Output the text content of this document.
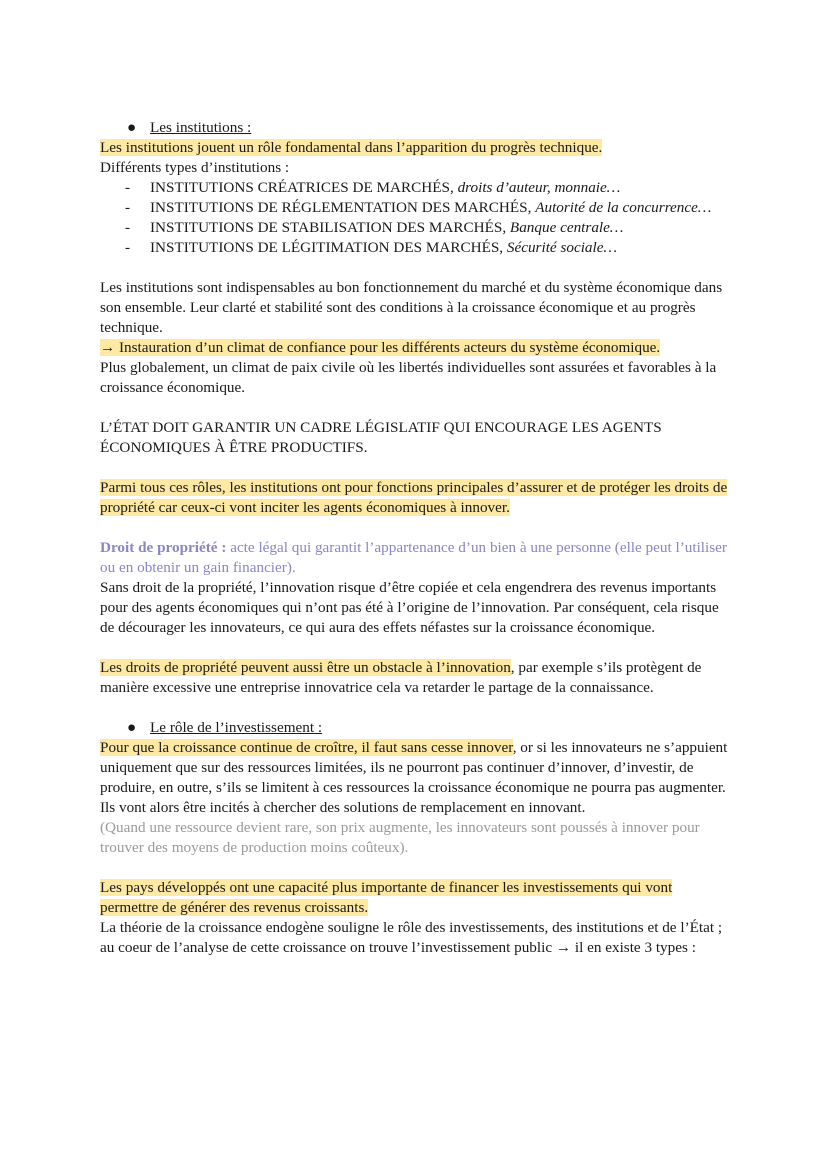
● Les institutions :

Les institutions jouent un rôle fondamental dans l’apparition du progrès technique.

Différents types d’institutions :

- INSTITUTIONS CRÉATRICES DE MARCHÉS, droits d’auteur, monnaie…
- INSTITUTIONS DE RÉGLEMENTATION DES MARCHÉS, Autorité de la concurrence…
- INSTITUTIONS DE STABILISATION DES MARCHÉS, Banque centrale…
- INSTITUTIONS DE LÉGITIMATION DES MARCHÉS, Sécurité sociale…

Les institutions sont indispensables au bon fonctionnement du marché et du système économique dans son ensemble. Leur clarté et stabilité sont des conditions à la croissance économique et au progrès technique.

→ Instauration d’un climat de confiance pour les différents acteurs du système économique.

Plus globalement, un climat de paix civile où les libertés individuelles sont assurées et favorables à la croissance économique.

L’ÉTAT DOIT GARANTIR UN CADRE LÉGISLATIF QUI ENCOURAGE LES AGENTS ÉCONOMIQUES À ÊTRE PRODUCTIFS.

Parmi tous ces rôles, les institutions ont pour fonctions principales d’assurer et de protéger les droits de propriété car ceux-ci vont inciter les agents économiques à innover.

Droit de propriété : acte légal qui garantit l’appartenance d’un bien à une personne (elle peut l’utiliser ou en obtenir un gain financier).

Sans droit de la propriété, l’innovation risque d’être copiée et cela engendrera des revenus importants pour des agents économiques qui n’ont pas été à l’origine de l’innovation. Par conséquent, cela risque de décourager les innovateurs, ce qui aura des effets néfastes sur la croissance économique.

Les droits de propriété peuvent aussi être un obstacle à l’innovation, par exemple s’ils protègent de manière excessive une entreprise innovatrice cela va retarder le partage de la connaissance.

● Le rôle de l’investissement :

Pour que la croissance continue de croître, il faut sans cesse innover, or si les innovateurs ne s’appuient uniquement que sur des ressources limitées, ils ne pourront pas continuer d’innover, d’investir, de produire, en outre, s’ils se limitent à ces ressources la croissance économique ne pourra pas augmenter. Ils vont alors être incités à chercher des solutions de remplacement en innovant.

(Quand une ressource devient rare, son prix augmente, les innovateurs sont poussés à innover pour trouver des moyens de production moins coûteux).

Les pays développés ont une capacité plus importante de financer les investissements qui vont permettre de générer des revenus croissants.

La théorie de la croissance endogène souligne le rôle des investissements, des institutions et de l’État ; au coeur de l’analyse de cette croissance on trouve l’investissement public → il en existe 3 types :
